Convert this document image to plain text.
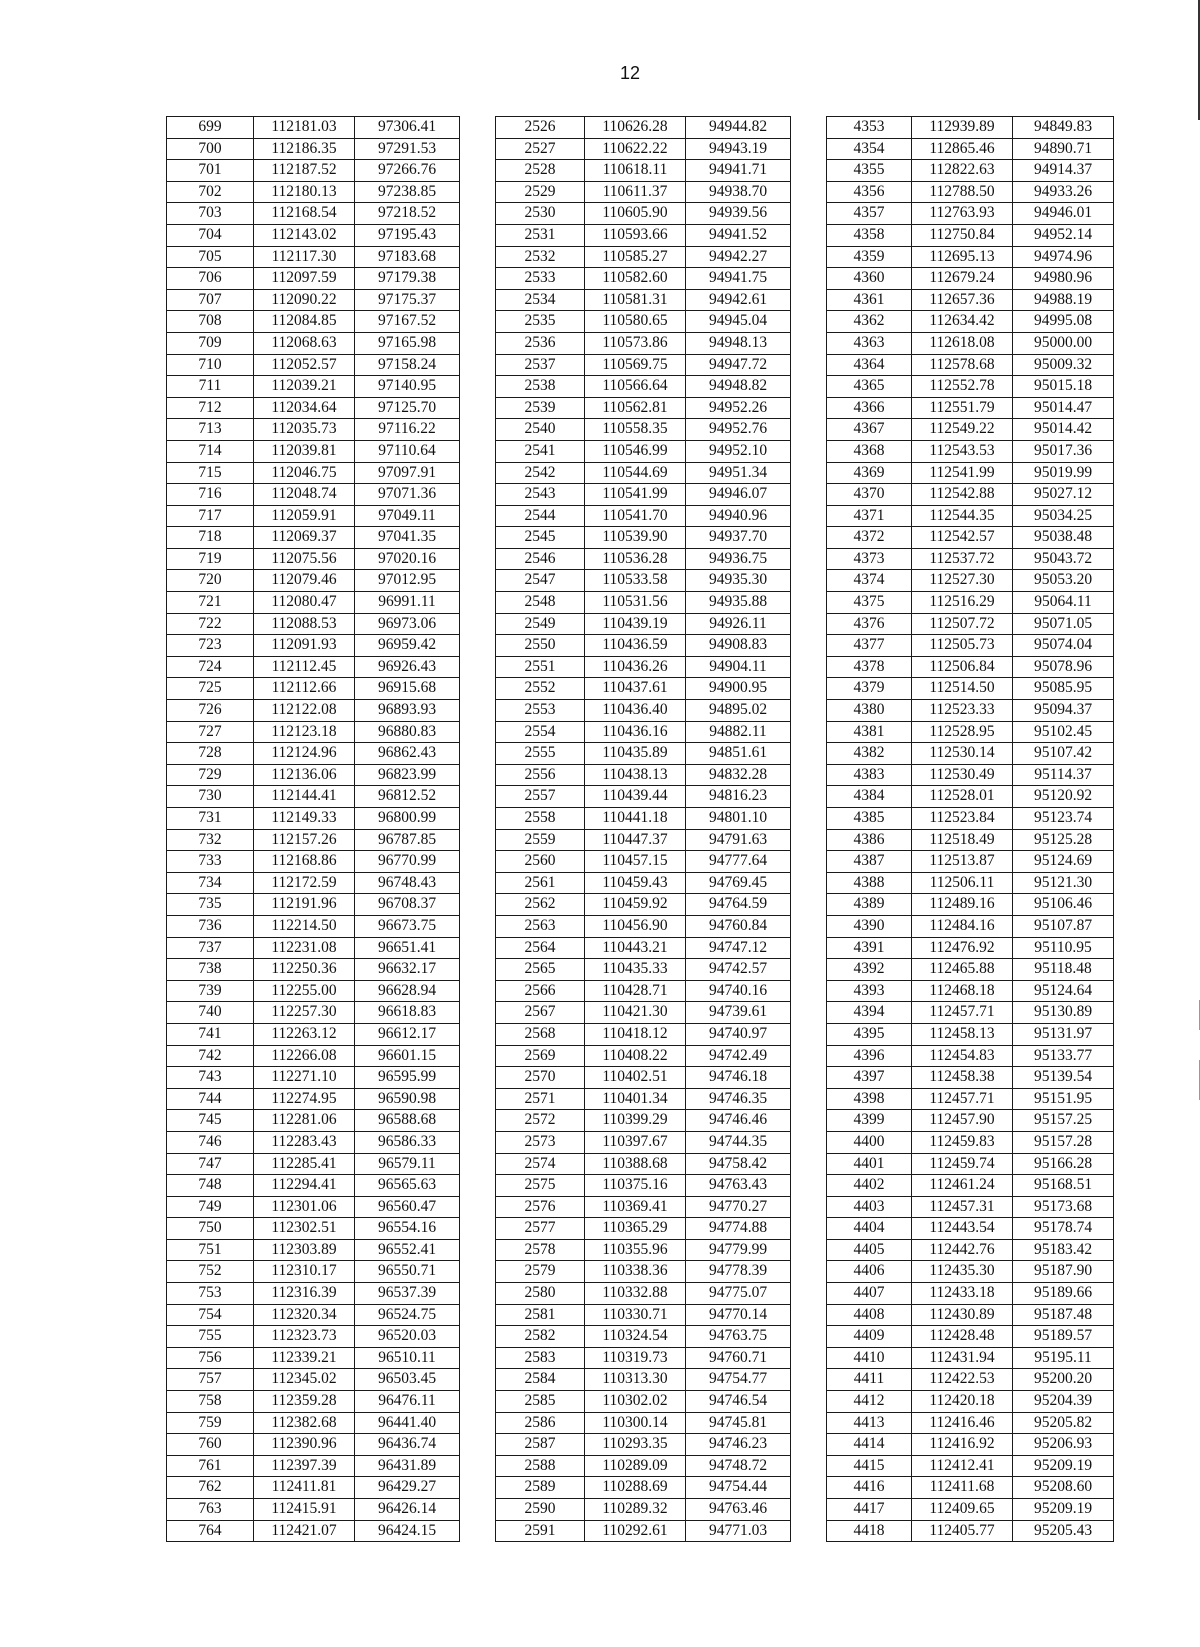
12
699	112181.03	97306.41
700	112186.35	97291.53
701	112187.52	97266.76
702	112180.13	97238.85
703	112168.54	97218.52
704	112143.02	97195.43
705	112117.30	97183.68
706	112097.59	97179.38
707	112090.22	97175.37
708	112084.85	97167.52
709	112068.63	97165.98
710	112052.57	97158.24
711	112039.21	97140.95
712	112034.64	97125.70
713	112035.73	97116.22
714	112039.81	97110.64
715	112046.75	97097.91
716	112048.74	97071.36
717	112059.91	97049.11
718	112069.37	97041.35
719	112075.56	97020.16
720	112079.46	97012.95
721	112080.47	96991.11
722	112088.53	96973.06
723	112091.93	96959.42
724	112112.45	96926.43
725	112112.66	96915.68
726	112122.08	96893.93
727	112123.18	96880.83
728	112124.96	96862.43
729	112136.06	96823.99
730	112144.41	96812.52
731	112149.33	96800.99
732	112157.26	96787.85
733	112168.86	96770.99
734	112172.59	96748.43
735	112191.96	96708.37
736	112214.50	96673.75
737	112231.08	96651.41
738	112250.36	96632.17
739	112255.00	96628.94
740	112257.30	96618.83
741	112263.12	96612.17
742	112266.08	96601.15
743	112271.10	96595.99
744	112274.95	96590.98
745	112281.06	96588.68
746	112283.43	96586.33
747	112285.41	96579.11
748	112294.41	96565.63
749	112301.06	96560.47
750	112302.51	96554.16
751	112303.89	96552.41
752	112310.17	96550.71
753	112316.39	96537.39
754	112320.34	96524.75
755	112323.73	96520.03
756	112339.21	96510.11
757	112345.02	96503.45
758	112359.28	96476.11
759	112382.68	96441.40
760	112390.96	96436.74
761	112397.39	96431.89
762	112411.81	96429.27
763	112415.91	96426.14
764	112421.07	96424.15
2526	110626.28	94944.82
2527	110622.22	94943.19
2528	110618.11	94941.71
2529	110611.37	94938.70
2530	110605.90	94939.56
2531	110593.66	94941.52
2532	110585.27	94942.27
2533	110582.60	94941.75
2534	110581.31	94942.61
2535	110580.65	94945.04
2536	110573.86	94948.13
2537	110569.75	94947.72
2538	110566.64	94948.82
2539	110562.81	94952.26
2540	110558.35	94952.76
2541	110546.99	94952.10
2542	110544.69	94951.34
2543	110541.99	94946.07
2544	110541.70	94940.96
2545	110539.90	94937.70
2546	110536.28	94936.75
2547	110533.58	94935.30
2548	110531.56	94935.88
2549	110439.19	94926.11
2550	110436.59	94908.83
2551	110436.26	94904.11
2552	110437.61	94900.95
2553	110436.40	94895.02
2554	110436.16	94882.11
2555	110435.89	94851.61
2556	110438.13	94832.28
2557	110439.44	94816.23
2558	110441.18	94801.10
2559	110447.37	94791.63
2560	110457.15	94777.64
2561	110459.43	94769.45
2562	110459.92	94764.59
2563	110456.90	94760.84
2564	110443.21	94747.12
2565	110435.33	94742.57
2566	110428.71	94740.16
2567	110421.30	94739.61
2568	110418.12	94740.97
2569	110408.22	94742.49
2570	110402.51	94746.18
2571	110401.34	94746.35
2572	110399.29	94746.46
2573	110397.67	94744.35
2574	110388.68	94758.42
2575	110375.16	94763.43
2576	110369.41	94770.27
2577	110365.29	94774.88
2578	110355.96	94779.99
2579	110338.36	94778.39
2580	110332.88	94775.07
2581	110330.71	94770.14
2582	110324.54	94763.75
2583	110319.73	94760.71
2584	110313.30	94754.77
2585	110302.02	94746.54
2586	110300.14	94745.81
2587	110293.35	94746.23
2588	110289.09	94748.72
2589	110288.69	94754.44
2590	110289.32	94763.46
2591	110292.61	94771.03
4353	112939.89	94849.83
4354	112865.46	94890.71
4355	112822.63	94914.37
4356	112788.50	94933.26
4357	112763.93	94946.01
4358	112750.84	94952.14
4359	112695.13	94974.96
4360	112679.24	94980.96
4361	112657.36	94988.19
4362	112634.42	94995.08
4363	112618.08	95000.00
4364	112578.68	95009.32
4365	112552.78	95015.18
4366	112551.79	95014.47
4367	112549.22	95014.42
4368	112543.53	95017.36
4369	112541.99	95019.99
4370	112542.88	95027.12
4371	112544.35	95034.25
4372	112542.57	95038.48
4373	112537.72	95043.72
4374	112527.30	95053.20
4375	112516.29	95064.11
4376	112507.72	95071.05
4377	112505.73	95074.04
4378	112506.84	95078.96
4379	112514.50	95085.95
4380	112523.33	95094.37
4381	112528.95	95102.45
4382	112530.14	95107.42
4383	112530.49	95114.37
4384	112528.01	95120.92
4385	112523.84	95123.74
4386	112518.49	95125.28
4387	112513.87	95124.69
4388	112506.11	95121.30
4389	112489.16	95106.46
4390	112484.16	95107.87
4391	112476.92	95110.95
4392	112465.88	95118.48
4393	112468.18	95124.64
4394	112457.71	95130.89
4395	112458.13	95131.97
4396	112454.83	95133.77
4397	112458.38	95139.54
4398	112457.71	95151.95
4399	112457.90	95157.25
4400	112459.83	95157.28
4401	112459.74	95166.28
4402	112461.24	95168.51
4403	112457.31	95173.68
4404	112443.54	95178.74
4405	112442.76	95183.42
4406	112435.30	95187.90
4407	112433.18	95189.66
4408	112430.89	95187.48
4409	112428.48	95189.57
4410	112431.94	95195.11
4411	112422.53	95200.20
4412	112420.18	95204.39
4413	112416.46	95205.82
4414	112416.92	95206.93
4415	112412.41	95209.19
4416	112411.68	95208.60
4417	112409.65	95209.19
4418	112405.77	95205.43
